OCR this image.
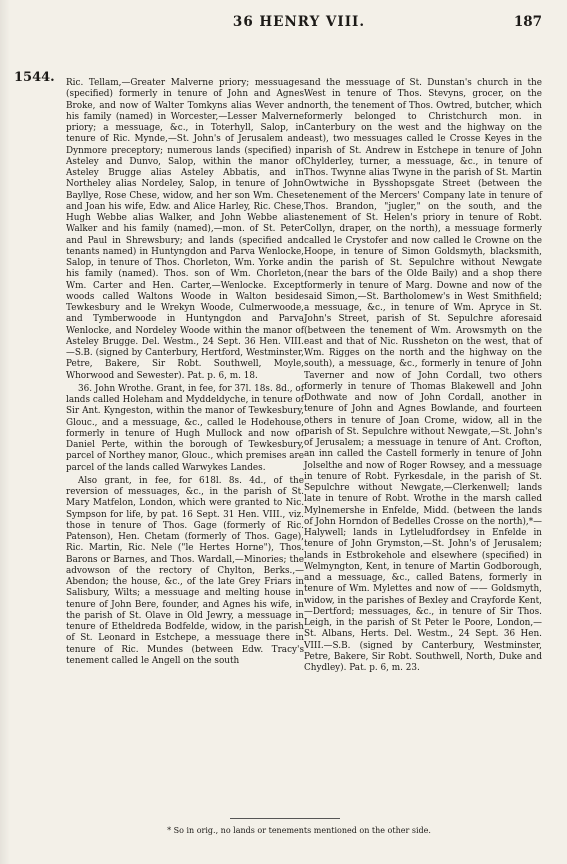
36 HENRY VIII.	187
1544. Ric. Tellam,—Greater Malverne priory; messuages (specified) formerly in tenure of John and Agnes Broke, and now of Walter Tomkyns alias Wever and his family (named) in Worcester,—Lesser Malverne priory; a messuage, &c., in Toterhyll, Salop, in tenure of Ric. Mynde,—St. John's of Jerusalem and Dynmore preceptory; numerous lands (specified) in Asteley and Dunvo, Salop, within the manor of Asteley Brugge alias Asteley Abbatis, and in Northeley alias Nordeley, Salop, in tenure of John Bayllye, Rose Chese, widow, and her son Wm. Chese and Joan his wife, Edw. and Alice Harley, Ric. Chese, Hugh Webbe alias Walker, and John Webbe alias Walker and his family (named),—mon. of St. Peter and Paul in Shrewsbury; and lands (specified and tenants named) in Huntyngdon and Parva Wenlocke, Salop, in tenure of Thos. Chorleton, Wm. Yorke and his family (named). Thos. son of Wm. Chorleton, Wm. Carter and Hen. Carter,—Wenlocke. Except woods called Waltons Woode in Walton beside Tewkesbury and le Wrekyn Woode, Culmerwoode, and Tymberwoode in Huntyngdon and Parva Wenlocke, and Nordeley Woode within the manor of Asteley Brugge. Del. Westm., 24 Sept. 36 Hen. VIII.—S.B. (signed by Canterbury, Hertford, Westminster, Petre, Bakere, Sir Robt. Southwell, Moyle, Whorwood and Sewester). Pat. p. 6, m. 18.

36. John Wrothe. Grant, in fee, for 37l. 18s. 8d., of lands called Holeham and Myddeldyche, in tenure of Sir Ant. Kyngeston, within the manor of Tewkesbury, Glouc., and a messuage, &c., called le Hodehouse, formerly in tenure of Hugh Mullock and now of Daniel Perte, within the borough of Tewkesbury, parcel of Northey manor, Glouc., which premises are parcel of the lands called Warwykes Landes.

Also grant, in fee, for 618l. 8s. 4d., of the reversion of messuages, &c., in the parish of St. Mary Matfelon, London, which were granted to Nic. Sympson for life, by pat. 16 Sept. 31 Hen. VIII., viz. those in tenure of Thos. Gage (formerly of Ric. Patenson), Hen. Chetam (formerly of Thos. Gage), Ric. Martin, Ric. Nele ("le Hertes Horne"), Thos. Barons or Barnes, and Thos. Wardall,—Minories; the advowson of the rectory of Chylton, Berks.,—Abendon; the house, &c., of the late Grey Friars in Salisbury, Wilts; a messuage and melting house in tenure of John Bere, founder, and Agnes his wife, in the parish of St. Olave in Old Jewry, a messuage in tenure of Etheldreda Bodfelde, widow, in the parish of St. Leonard in Estchepe, a messuage there in tenure of Ric. Mundes (between Edw. Tracy's tenement called le Angell on the south

and the messuage of St. Dunstan's church in the West in tenure of Thos. Stevyns, grocer, on the north, the tenement of Thos. Owtred, butcher, which formerly belonged to Christchurch mon. in Canterbury on the west and the highway on the east), two messuages called le Crosse Keyes in the parish of St. Andrew in Estchepe in tenure of John Chylderley, turner, a messuage, &c., in tenure of Thos. Twynne alias Twyne in the parish of St. Martin Owtwiche in Bysshopsgate Street (between the tenement of the Mercers' Company late in tenure of Thos. Brandon, "jugler," on the south, and the tenement of St. Helen's priory in tenure of Robt. Collyn, draper, on the north), a messuage formerly called le Crystofer and now called le Crowne on the Hoope, in tenure of Simon Goldsmyth, blacksmith, in the parish of St. Sepulchre without Newgate (near the bars of the Olde Baily) and a shop there formerly in tenure of Marg. Downe and now of the said Simon,—St. Bartholomew's in West Smithfield; a messuage, &c., in tenure of Wm. Apryce in St. John's Street, parish of St. Sepulchre aforesaid (between the tenement of Wm. Arowsmyth on the east and that of Nic. Russheton on the west, that of Wm. Rigges on the north and the highway on the south), a messuage, &c., formerly in tenure of John Taverner and now of John Cordall, two others formerly in tenure of Thomas Blakewell and John Dothwate and now of John Cordall, another in tenure of John and Agnes Bowlande, and fourteen others in tenure of Joan Crome, widow, all in the parish of St. Sepulchre without Newgate,—St. John's of Jerusalem; a messuage in tenure of Ant. Crofton, an inn called the Castell formerly in tenure of John Jolselthe and now of Roger Rowsey, and a messuage in tenure of Robt. Fyrkesdale, in the parish of St. Sepulchre without Newgate,—Clerkenwell; lands late in tenure of Robt. Wrothe in the marsh called Mylnemershe in Enfelde, Midd. (between the lands of John Horndon of Bedelles Crosse on the north),*—Halywell; lands in Lytleludfordsey in Enfelde in tenure of John Grymston,—St. John's of Jerusalem; lands in Estbrokehole and elsewhere (specified) in Welmyngton, Kent, in tenure of Martin Godborough, and a messuage, &c., called Batens, formerly in tenure of Wm. Mylettes and now of —— Goldsmyth, widow, in the parishes of Bexley and Crayforde Kent,—Dertford; messuages, &c., in tenure of Sir Thos. Leigh, in the parish of St Peter le Poore, London,—St. Albans, Herts. Del. Westm., 24 Sept. 36 Hen. VIII.—S.B. (signed by Canterbury, Westminster, Petre, Bakere, Sir Robt. Southwell, North, Duke and Chydley). Pat. p. 6, m. 23.

* So in orig., no lands or tenements mentioned on the other side.
